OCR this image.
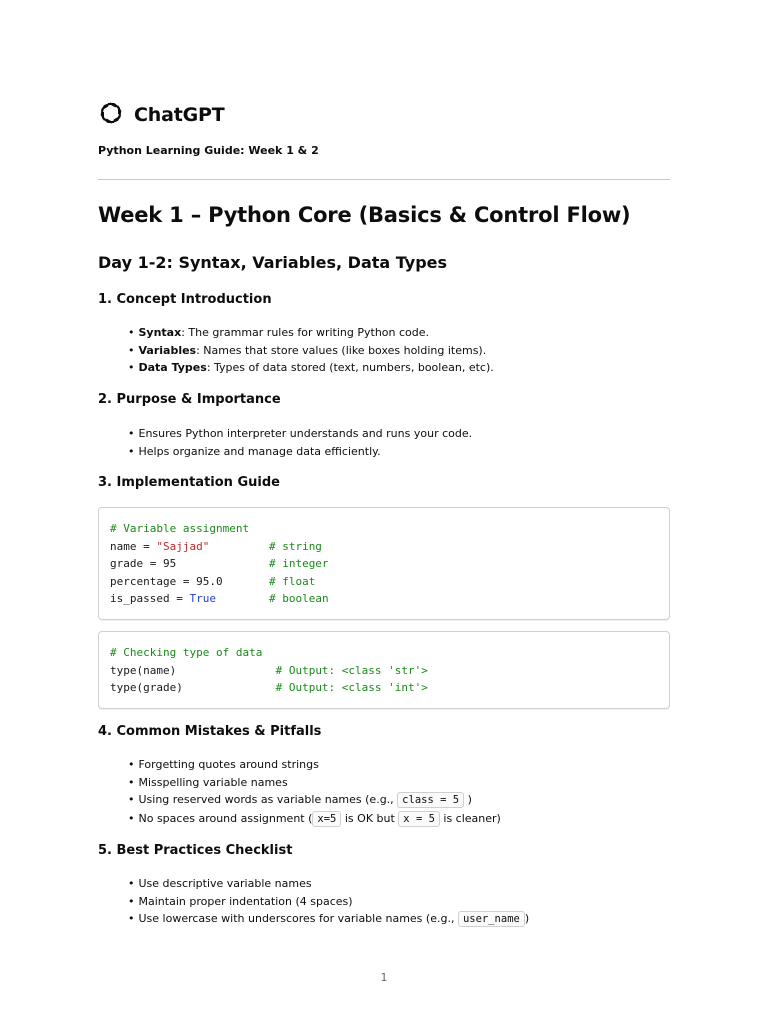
ChatGPT
Python Learning Guide: Week 1 & 2
Week 1 – Python Core (Basics & Control Flow)
Day 1-2: Syntax, Variables, Data Types
1. Concept Introduction
• Syntax: The grammar rules for writing Python code.
• Variables: Names that store values (like boxes holding items).
• Data Types: Types of data stored (text, numbers, boolean, etc).
2. Purpose & Importance
• Ensures Python interpreter understands and runs your code.
• Helps organize and manage data efficiently.
3. Implementation Guide
# Variable assignment
name = "Sajjad"	# string
grade = 95              # integer
percentage = 95.0       # float
is_passed = True	# boolean
# Checking type of data
type(name)               # Output: <class 'str'>
type(grade)              # Output: <class 'int'>
4. Common Mistakes & Pitfalls
• Forgetting quotes around strings
• Misspelling variable names
• Using reserved words as variable names (e.g., class = 5 )
• No spaces around assignment ( x=5 is OK but x = 5 is cleaner)
5. Best Practices Checklist
• Use descriptive variable names
• Maintain proper indentation (4 spaces)
• Use lowercase with underscores for variable names (e.g., user_name )
1
